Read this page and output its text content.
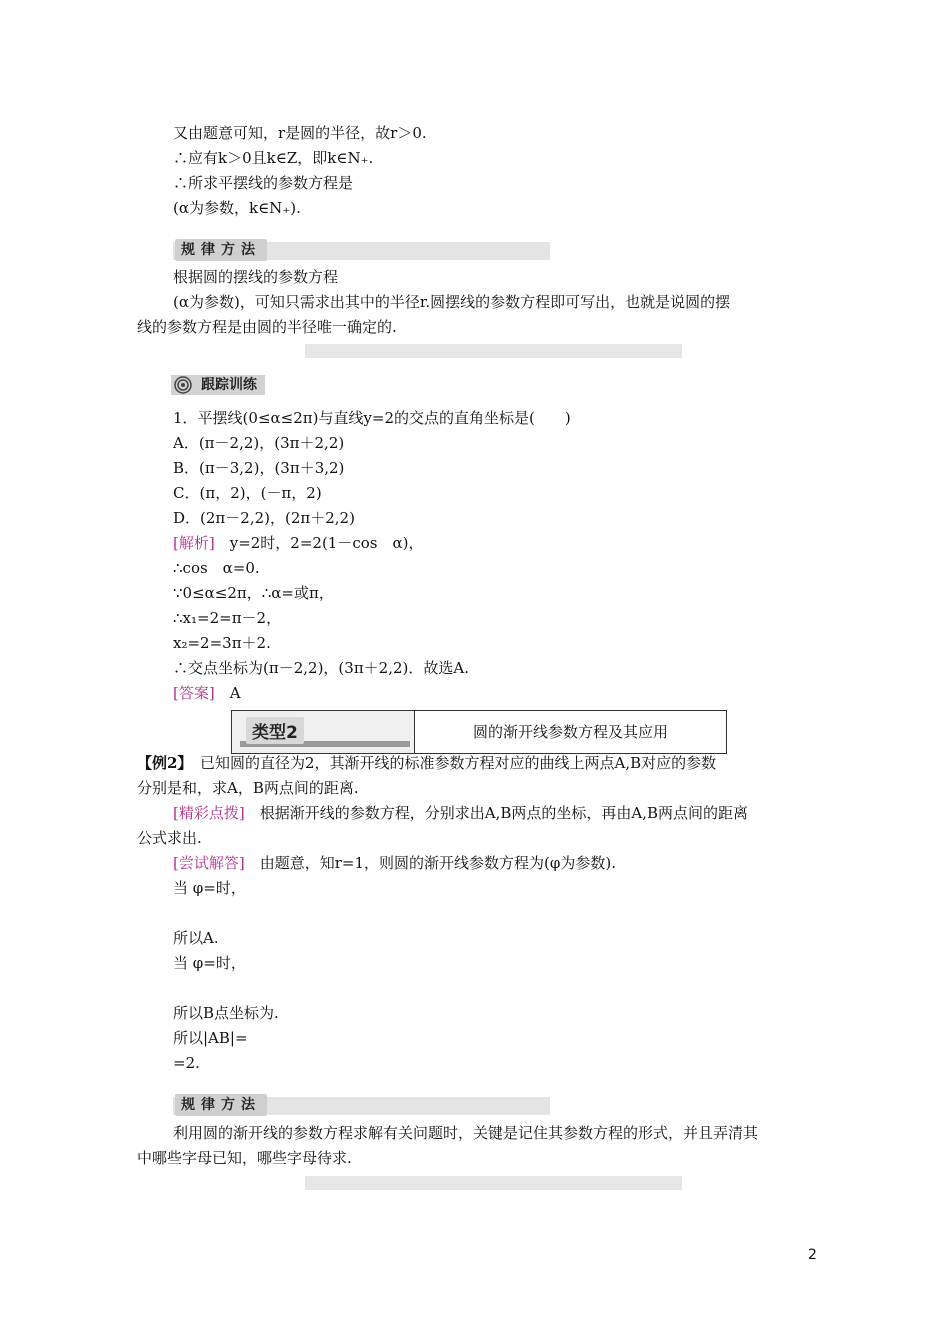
又由题意可知，r是圆的半径，故r＞0.
∴应有k＞0且k∈Z，即k∈N₊.
∴所求平摆线的参数方程是
(α为参数，k∈N₊).
规律方法
根据圆的摆线的参数方程
(α为参数)，可知只需求出其中的半径r.圆摆线的参数方程即可写出，也就是说圆的摆
线的参数方程是由圆的半径唯一确定的.
跟踪训练
1．平摆线(0≤α≤2π)与直线y=2的交点的直角坐标是(　　)
A．(π－2,2)，(3π＋2,2)
B．(π－3,2)，(3π＋3,2)
C．(π，2)，(－π，2)
D．(2π－2,2)，(2π＋2,2)
[解析]　y=2时，2=2(1－cos　α)，
∴cos　α=0.
∵0≤α≤2π，∴α=或π，
∴x₁=2=π－2，
x₂=2=3π＋2.
∴交点坐标为(π－2,2)，(3π＋2,2)．故选A.
[答案]　A
类型2	圆的渐开线参数方程及其应用
【例2】　已知圆的直径为2，其渐开线的标准参数方程对应的曲线上两点A,B对应的参数
分别是和，求A，B两点间的距离.
[精彩点拨]　根据渐开线的参数方程，分别求出A,B两点的坐标，再由A,B两点间的距离
公式求出.
[尝试解答]　由题意，知r=1，则圆的渐开线参数方程为(φ为参数).
当 φ=时，
所以A.
当 φ=时，
所以B点坐标为.
所以|AB|=
=2.
规律方法
利用圆的渐开线的参数方程求解有关问题时，关键是记住其参数方程的形式，并且弄清其
中哪些字母已知，哪些字母待求.
2
